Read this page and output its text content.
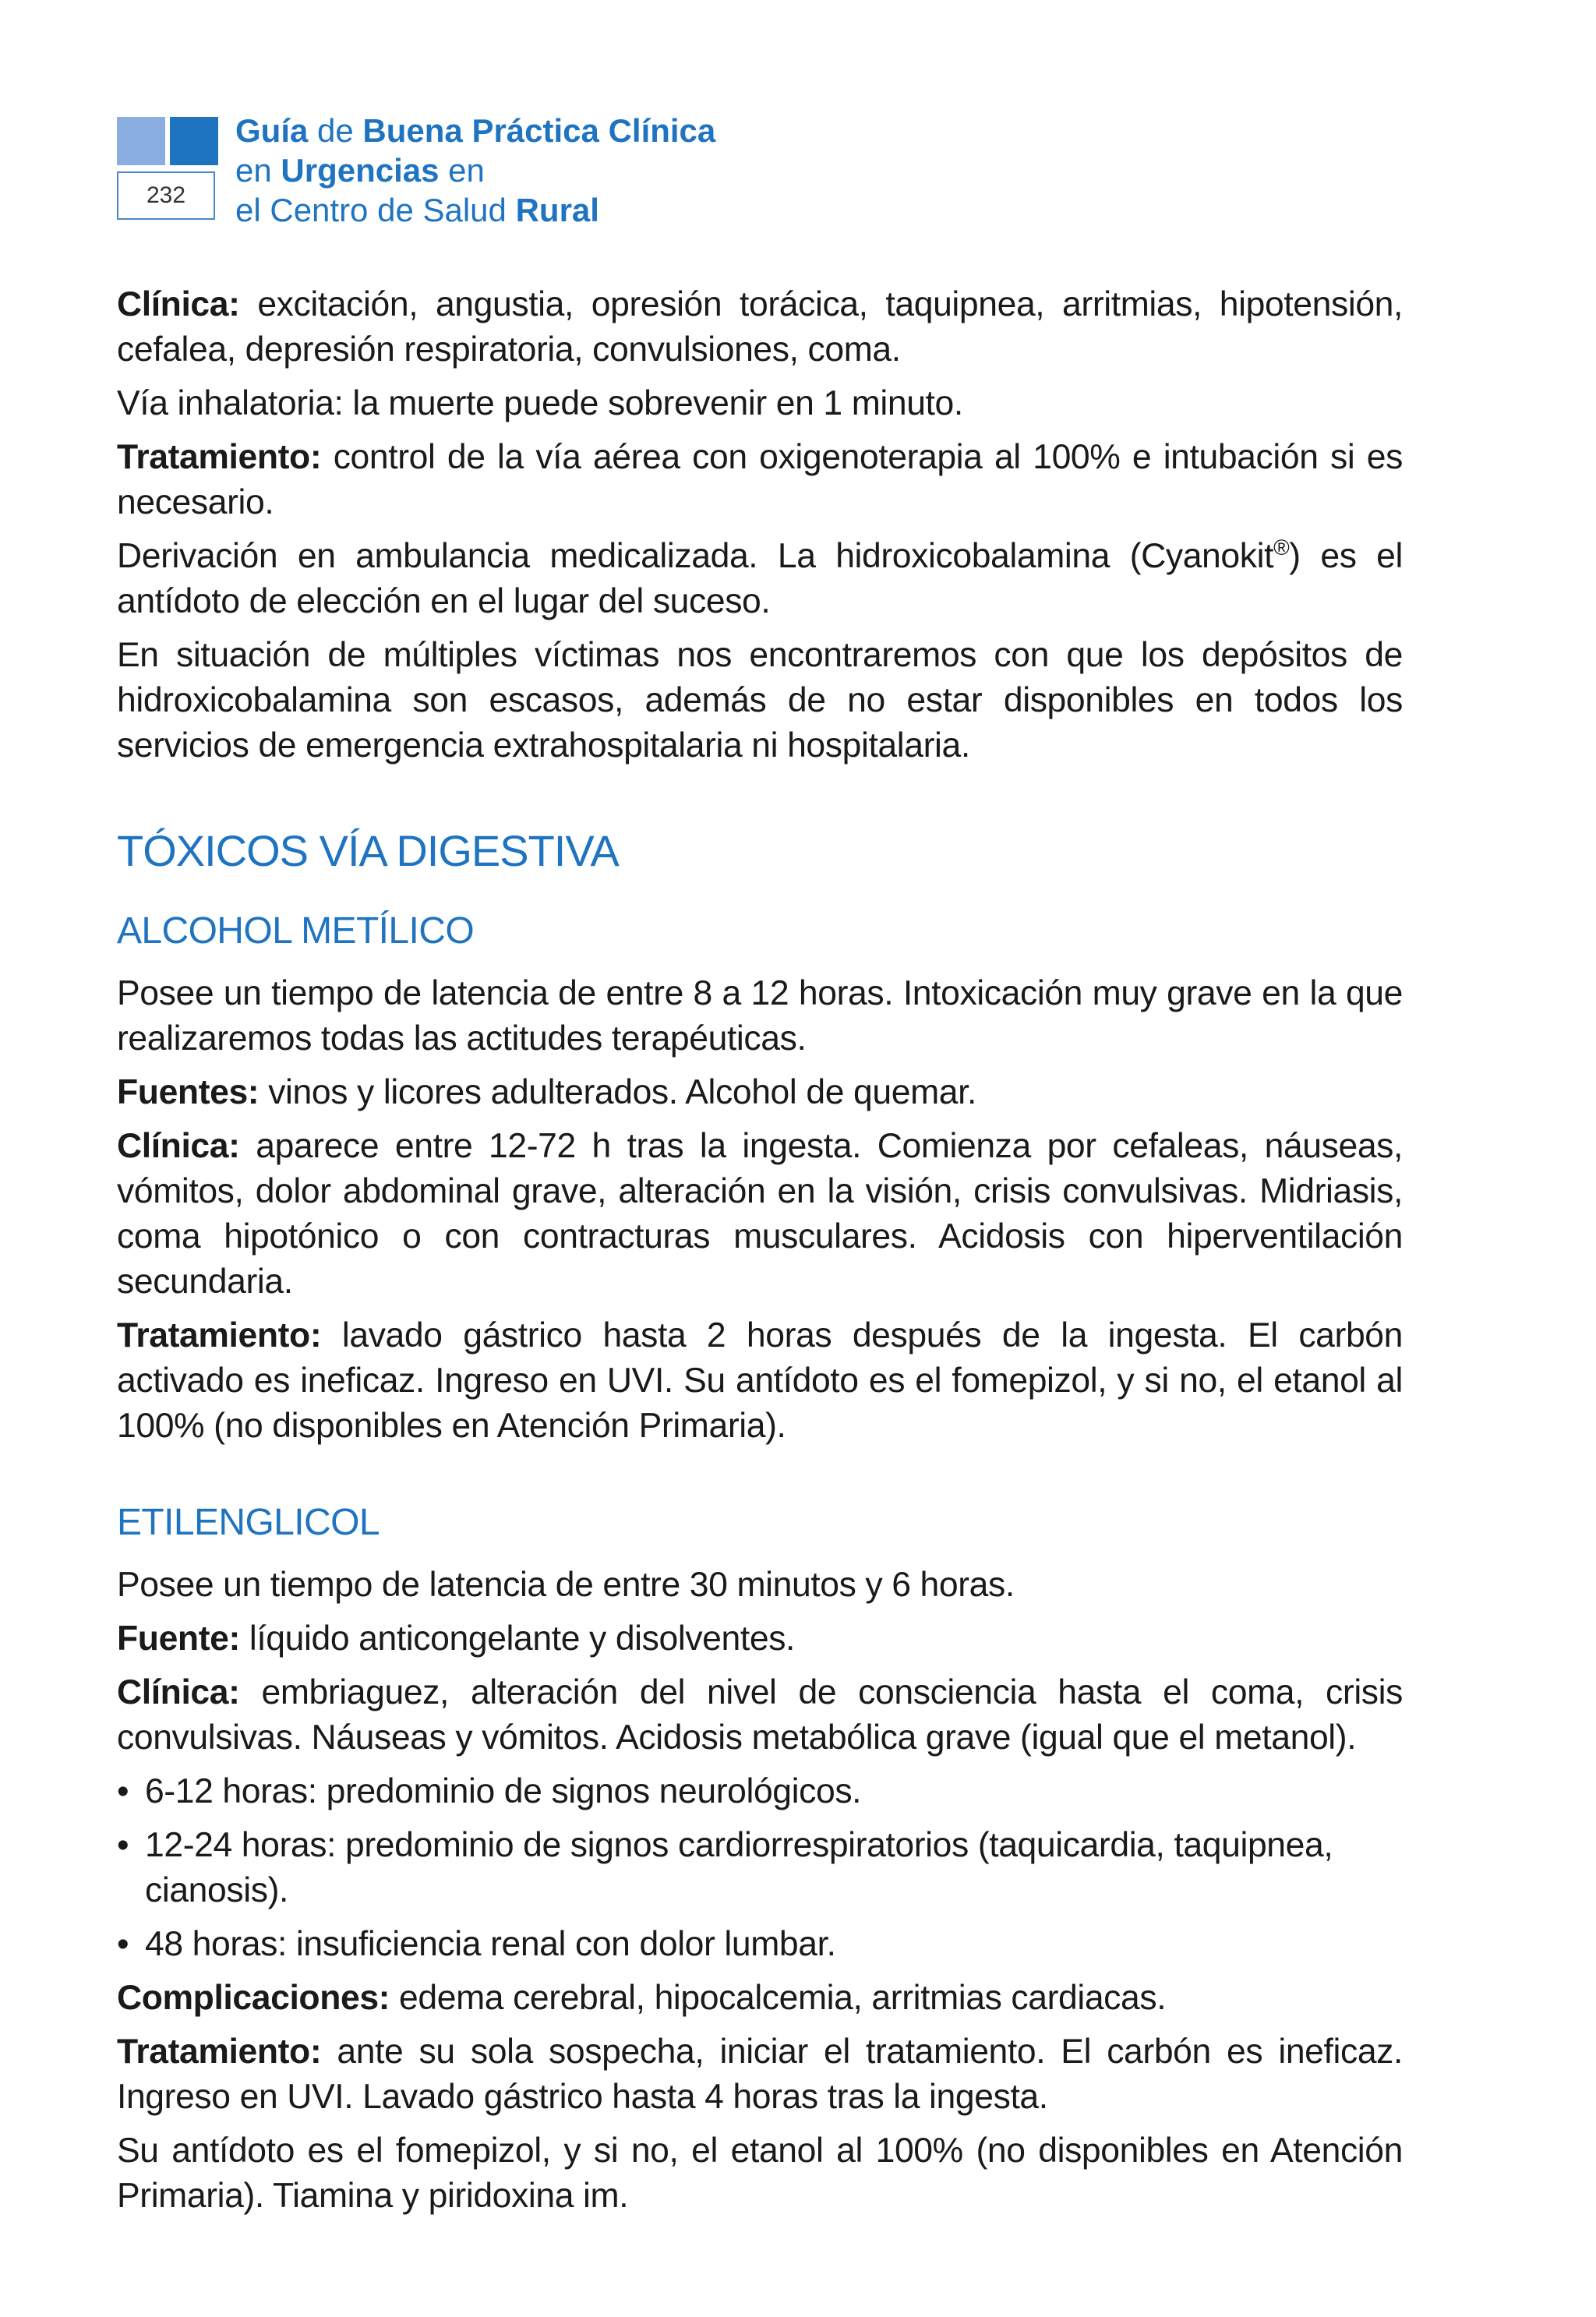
232
Guía de Buena Práctica Clínica
en Urgencias en
el Centro de Salud Rural

Clínica: excitación, angustia, opresión torácica, taquipnea, arritmias, hipotensión, cefalea, depresión respiratoria, convulsiones, coma.

Vía inhalatoria: la muerte puede sobrevenir en 1 minuto.

Tratamiento: control de la vía aérea con oxigenoterapia al 100% e intubación si es necesario.

Derivación en ambulancia medicalizada. La hidroxicobalamina (Cyanokit®) es el antídoto de elección en el lugar del suceso.

En situación de múltiples víctimas nos encontraremos con que los depósitos de hidroxicobalamina son escasos, además de no estar disponibles en todos los servicios de emergencia extrahospitalaria ni hospitalaria.

TÓXICOS VÍA DIGESTIVA
ALCOHOL METÍLICO

Posee un tiempo de latencia de entre 8 a 12 horas. Intoxicación muy grave en la que realizaremos todas las actitudes terapéuticas.

Fuentes: vinos y licores adulterados. Alcohol de quemar.

Clínica: aparece entre 12-72 h tras la ingesta. Comienza por cefaleas, náuseas, vómitos, dolor abdominal grave, alteración en la visión, crisis convulsivas. Midriasis, coma hipotónico o con contracturas musculares. Acidosis con hiperventilación secundaria.

Tratamiento: lavado gástrico hasta 2 horas después de la ingesta. El carbón activado es ineficaz. Ingreso en UVI. Su antídoto es el fomepizol, y si no, el etanol al 100% (no disponibles en Atención Primaria).

ETILENGLICOL

Posee un tiempo de latencia de entre 30 minutos y 6 horas.

Fuente: líquido anticongelante y disolventes.

Clínica: embriaguez, alteración del nivel de consciencia hasta el coma, crisis convulsivas. Náuseas y vómitos. Acidosis metabólica grave (igual que el metanol).

• 6-12 horas: predominio de signos neurológicos.
• 12-24 horas: predominio de signos cardiorrespiratorios (taquicardia, taquipnea, cianosis).
• 48 horas: insuficiencia renal con dolor lumbar.

Complicaciones: edema cerebral, hipocalcemia, arritmias cardiacas.

Tratamiento: ante su sola sospecha, iniciar el tratamiento. El carbón es ineficaz. Ingreso en UVI. Lavado gástrico hasta 4 horas tras la ingesta.

Su antídoto es el fomepizol, y si no, el etanol al 100% (no disponibles en Atención Primaria). Tiamina y piridoxina im.
